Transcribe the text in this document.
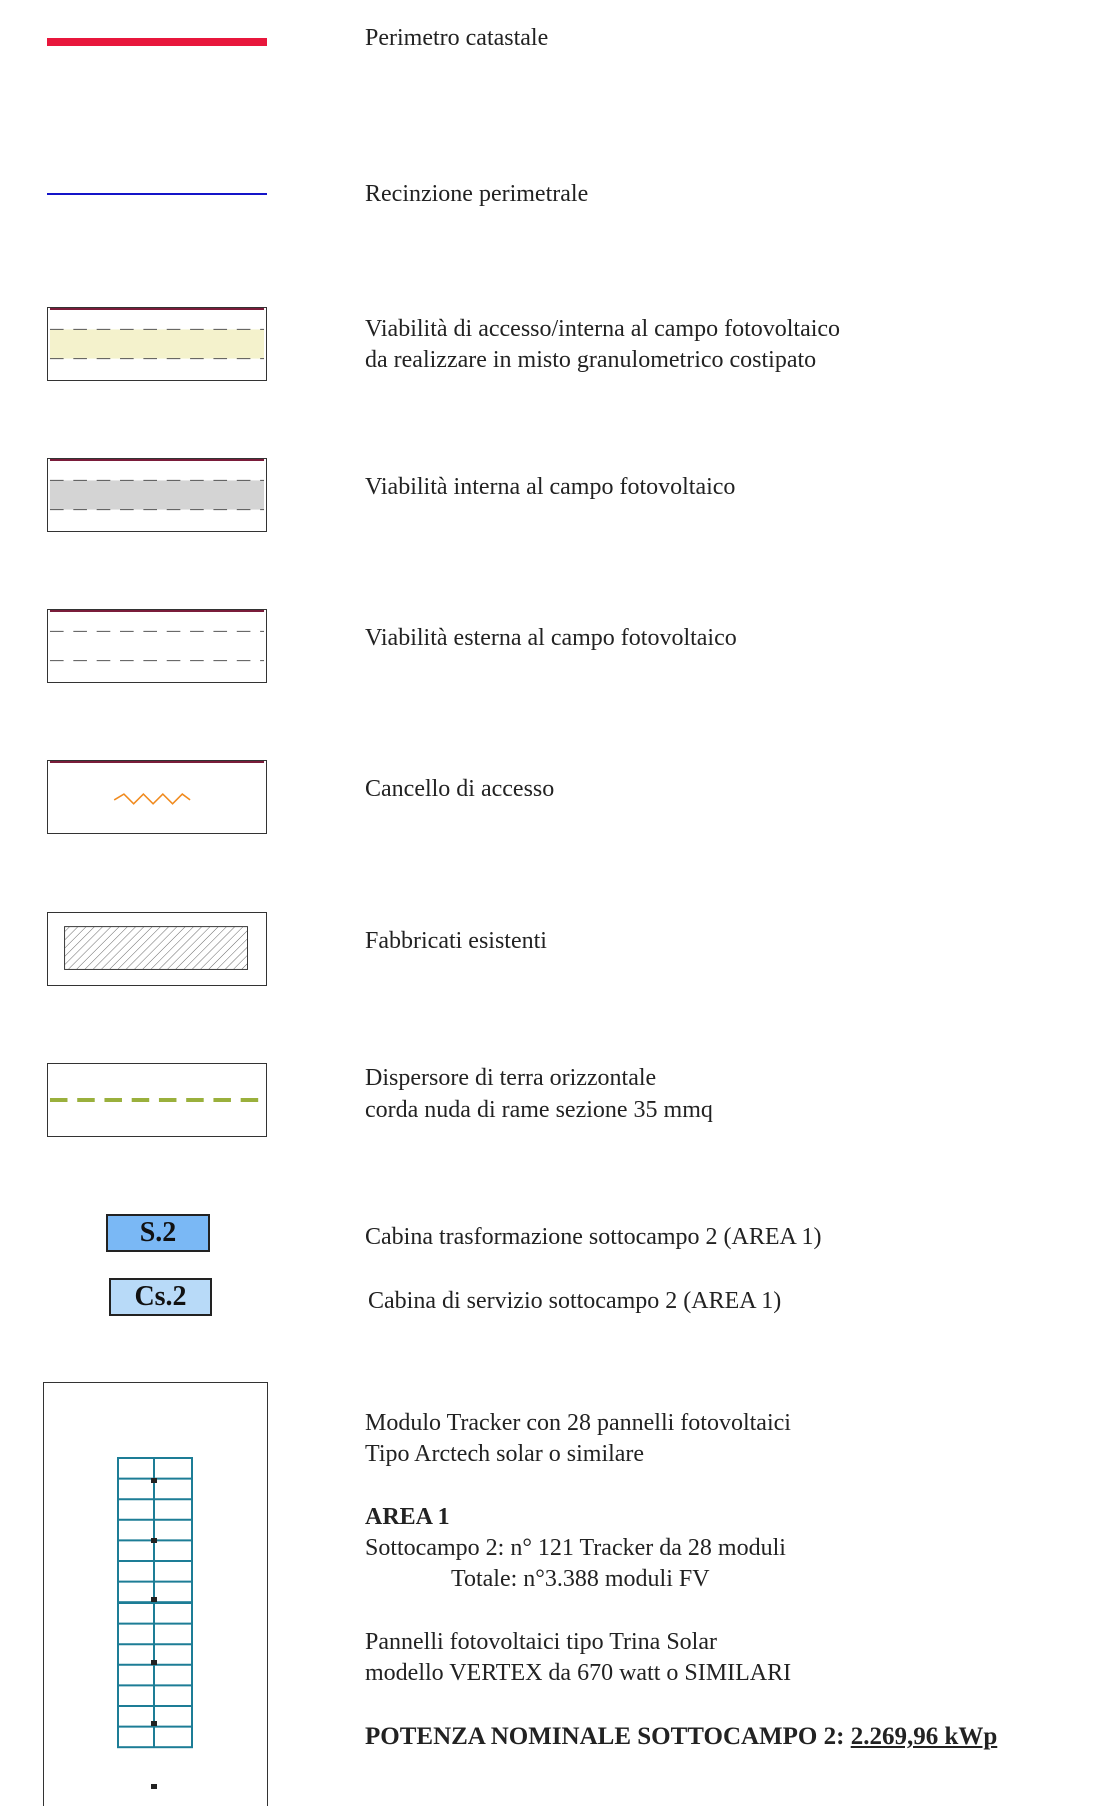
Perimetro catastale
Recinzione perimetrale
Viabilità di accesso/interna al campo fotovoltaico
da realizzare in misto granulometrico costipato
Viabilità interna al campo fotovoltaico
Viabilità esterna al campo fotovoltaico
Cancello di accesso
Fabbricati esistenti
Dispersore di terra orizzontale
corda nuda di rame sezione 35 mmq
S.2	Cabina trasformazione sottocampo 2 (AREA 1)
Cs.2	Cabina di servizio sottocampo 2 (AREA 1)
Modulo Tracker con 28 pannelli fotovoltaici
Tipo Arctech solar o similare
AREA 1
Sottocampo 2: n° 121 Tracker da 28 moduli
Totale: n°3.388 moduli FV
Pannelli fotovoltaici tipo Trina Solar
modello VERTEX da 670 watt o SIMILARI
POTENZA NOMINALE SOTTOCAMPO 2: 2.269,96 kWp
